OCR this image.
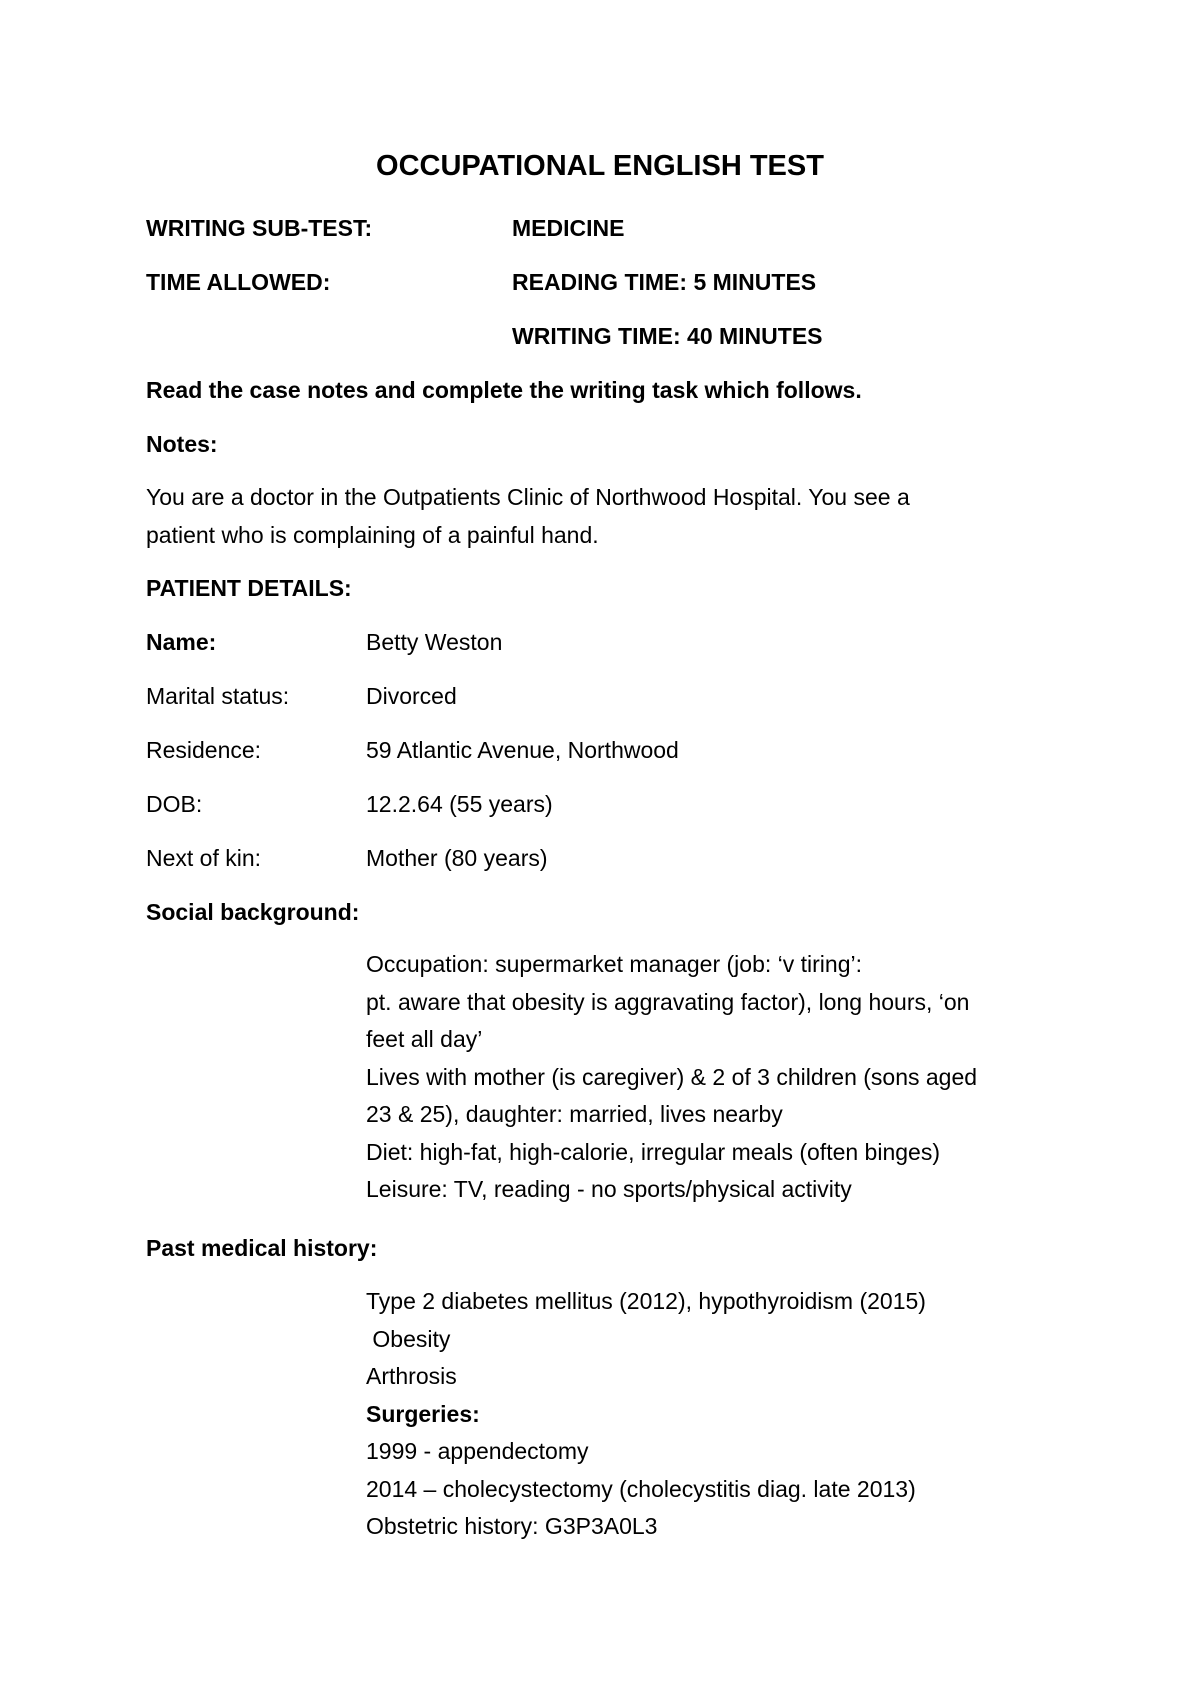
OCCUPATIONAL ENGLISH TEST
WRITING SUB-TEST:	MEDICINE
TIME ALLOWED:	READING TIME: 5 MINUTES
WRITING TIME: 40 MINUTES
Read the case notes and complete the writing task which follows.
Notes:
You are a doctor in the Outpatients Clinic of Northwood Hospital. You see a
patient who is complaining of a painful hand.
PATIENT DETAILS:
Name:	Betty Weston
Marital status:	Divorced
Residence:	59 Atlantic Avenue, Northwood
DOB:	12.2.64 (55 years)
Next of kin:	Mother (80 years)
Social background:
Occupation: supermarket manager (job: ‘v tiring’:
pt. aware that obesity is aggravating factor), long hours, ‘on
feet all day’
Lives with mother (is caregiver) & 2 of 3 children (sons aged
23 & 25), daughter: married, lives nearby
Diet: high-fat, high-calorie, irregular meals (often binges)
Leisure: TV, reading - no sports/physical activity
Past medical history:
Type 2 diabetes mellitus (2012), hypothyroidism (2015)
Obesity
Arthrosis
Surgeries:
1999 - appendectomy
2014 – cholecystectomy (cholecystitis diag. late 2013)
Obstetric history: G3P3A0L3
